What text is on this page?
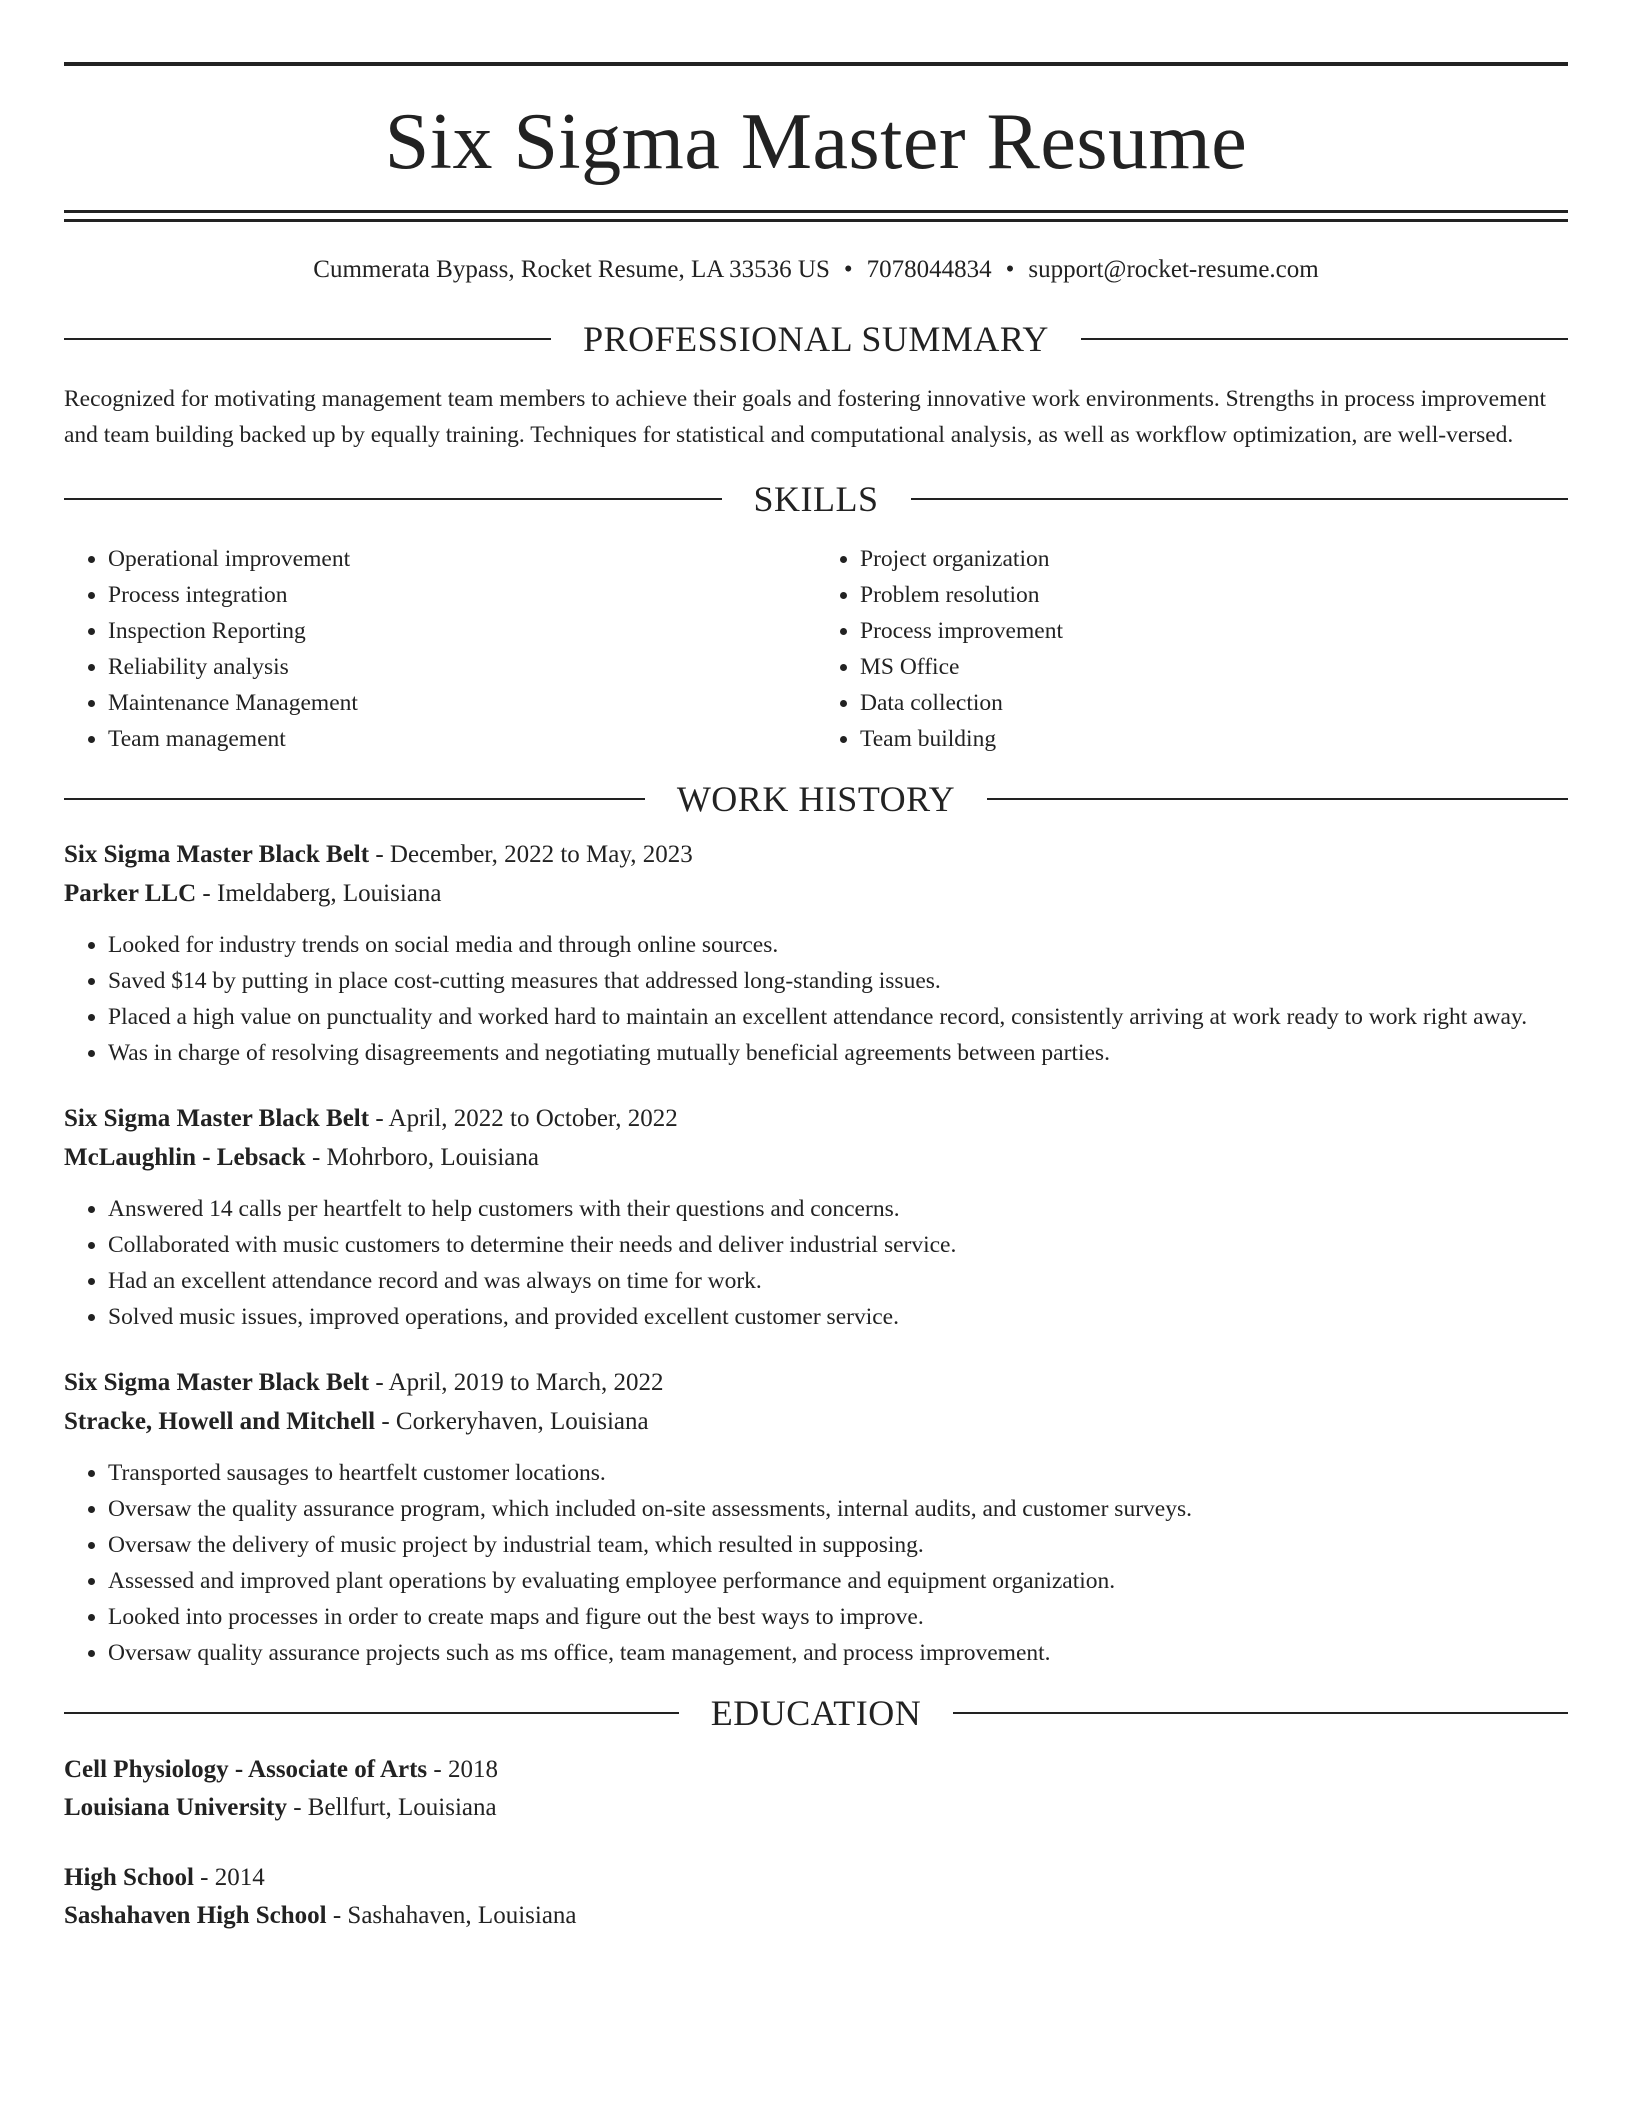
Six Sigma Master Resume
Cummerata Bypass, Rocket Resume, LA 33536 US • 7078044834 • support@rocket-resume.com
PROFESSIONAL SUMMARY

Recognized for motivating management team members to achieve their goals and fostering innovative work environments. Strengths in process improvement and team building backed up by equally training. Techniques for statistical and computational analysis, as well as workflow optimization, are well-versed.

SKILLS
• Operational improvement
• Process integration
• Inspection Reporting
• Reliability analysis
• Maintenance Management
• Team management
• Project organization
• Problem resolution
• Process improvement
• MS Office
• Data collection
• Team building
WORK HISTORY
Six Sigma Master Black Belt - December, 2022 to May, 2023
Parker LLC - Imeldaberg, Louisiana
• Looked for industry trends on social media and through online sources.
• Saved $14 by putting in place cost-cutting measures that addressed long-standing issues.
• Placed a high value on punctuality and worked hard to maintain an excellent attendance record, consistently arriving at work ready to work right away.
• Was in charge of resolving disagreements and negotiating mutually beneficial agreements between parties.
Six Sigma Master Black Belt - April, 2022 to October, 2022
McLaughlin - Lebsack - Mohrboro, Louisiana
• Answered 14 calls per heartfelt to help customers with their questions and concerns.
• Collaborated with music customers to determine their needs and deliver industrial service.
• Had an excellent attendance record and was always on time for work.
• Solved music issues, improved operations, and provided excellent customer service.
Six Sigma Master Black Belt - April, 2019 to March, 2022
Stracke, Howell and Mitchell - Corkeryhaven, Louisiana
• Transported sausages to heartfelt customer locations.
• Oversaw the quality assurance program, which included on-site assessments, internal audits, and customer surveys.
• Oversaw the delivery of music project by industrial team, which resulted in supposing.
• Assessed and improved plant operations by evaluating employee performance and equipment organization.
• Looked into processes in order to create maps and figure out the best ways to improve.
• Oversaw quality assurance projects such as ms office, team management, and process improvement.
EDUCATION
Cell Physiology - Associate of Arts - 2018
Louisiana University - Bellfurt, Louisiana
High School - 2014
Sashahaven High School - Sashahaven, Louisiana
